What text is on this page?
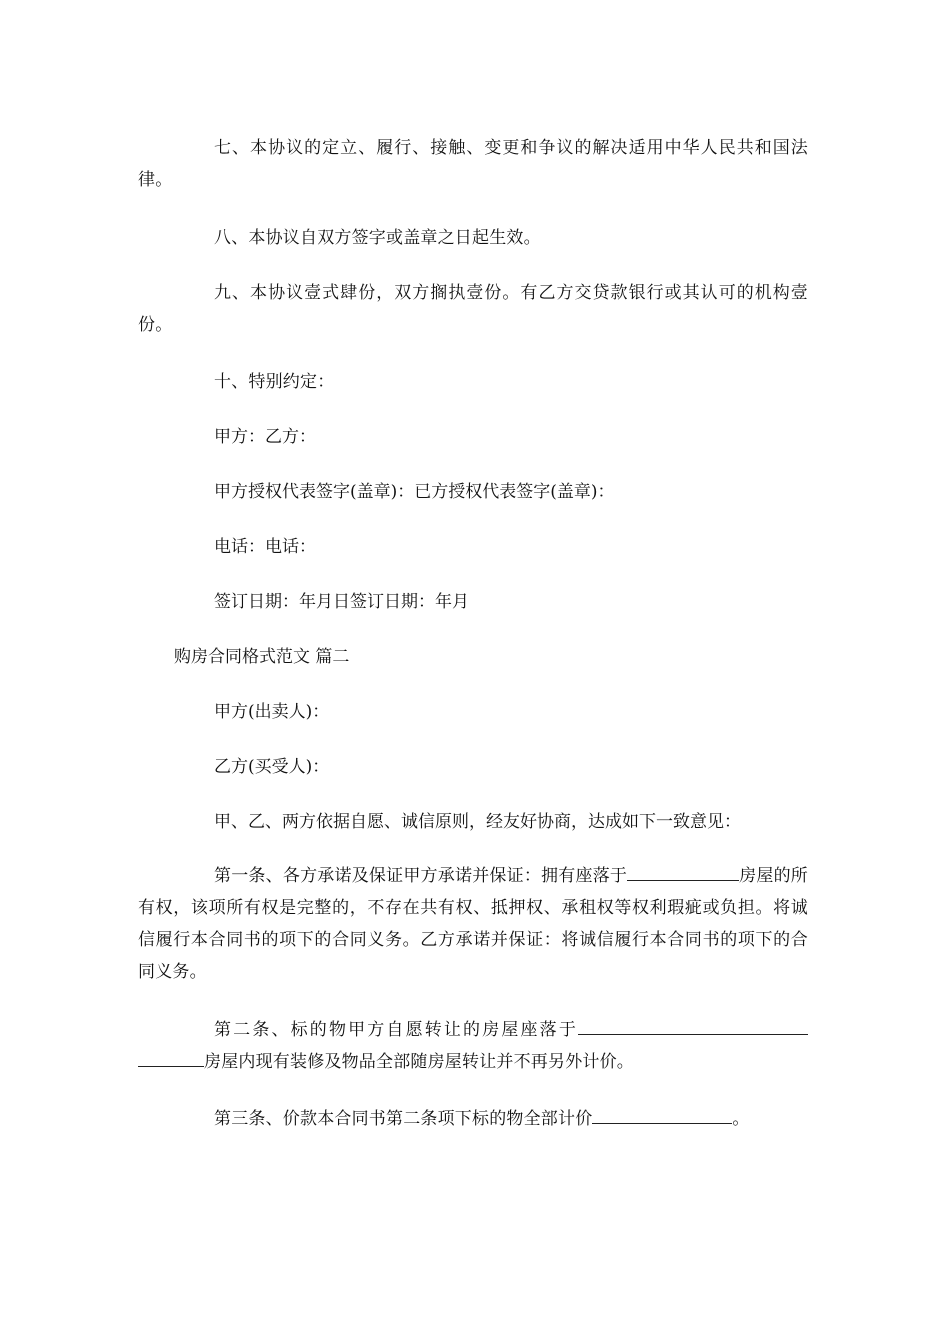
七、本协议的定立、履行、接触、变更和争议的解决适用中华人民共和国法律。

八、本协议自双方签字或盖章之日起生效。

九、本协议壹式肆份，双方搁执壹份。有乙方交贷款银行或其认可的机构壹份。

十、特别约定：

甲方：乙方：

甲方授权代表签字(盖章)：已方授权代表签字(盖章)：

电话：电话：

签订日期：年月日签订日期：年月

购房合同格式范文 篇二

甲方(出卖人)：

乙方(买受人)：

甲、乙、两方依据自愿、诚信原则，经友好协商，达成如下一致意见：

第一条、各方承诺及保证甲方承诺并保证：拥有座落于	房屋的所有权，该项所有权是完整的，不存在共有权、抵押权、承租权等权利瑕疵或负担。将诚信履行本合同书的项下的合同义务。乙方承诺并保证：将诚信履行本合同书的项下的合同义务。

第二条、标的物甲方自愿转让的房屋座落于房屋内现有装修及物品全部随房屋转让并不再另外计价。

第三条、价款本合同书第二条项下标的物全部计价	。
